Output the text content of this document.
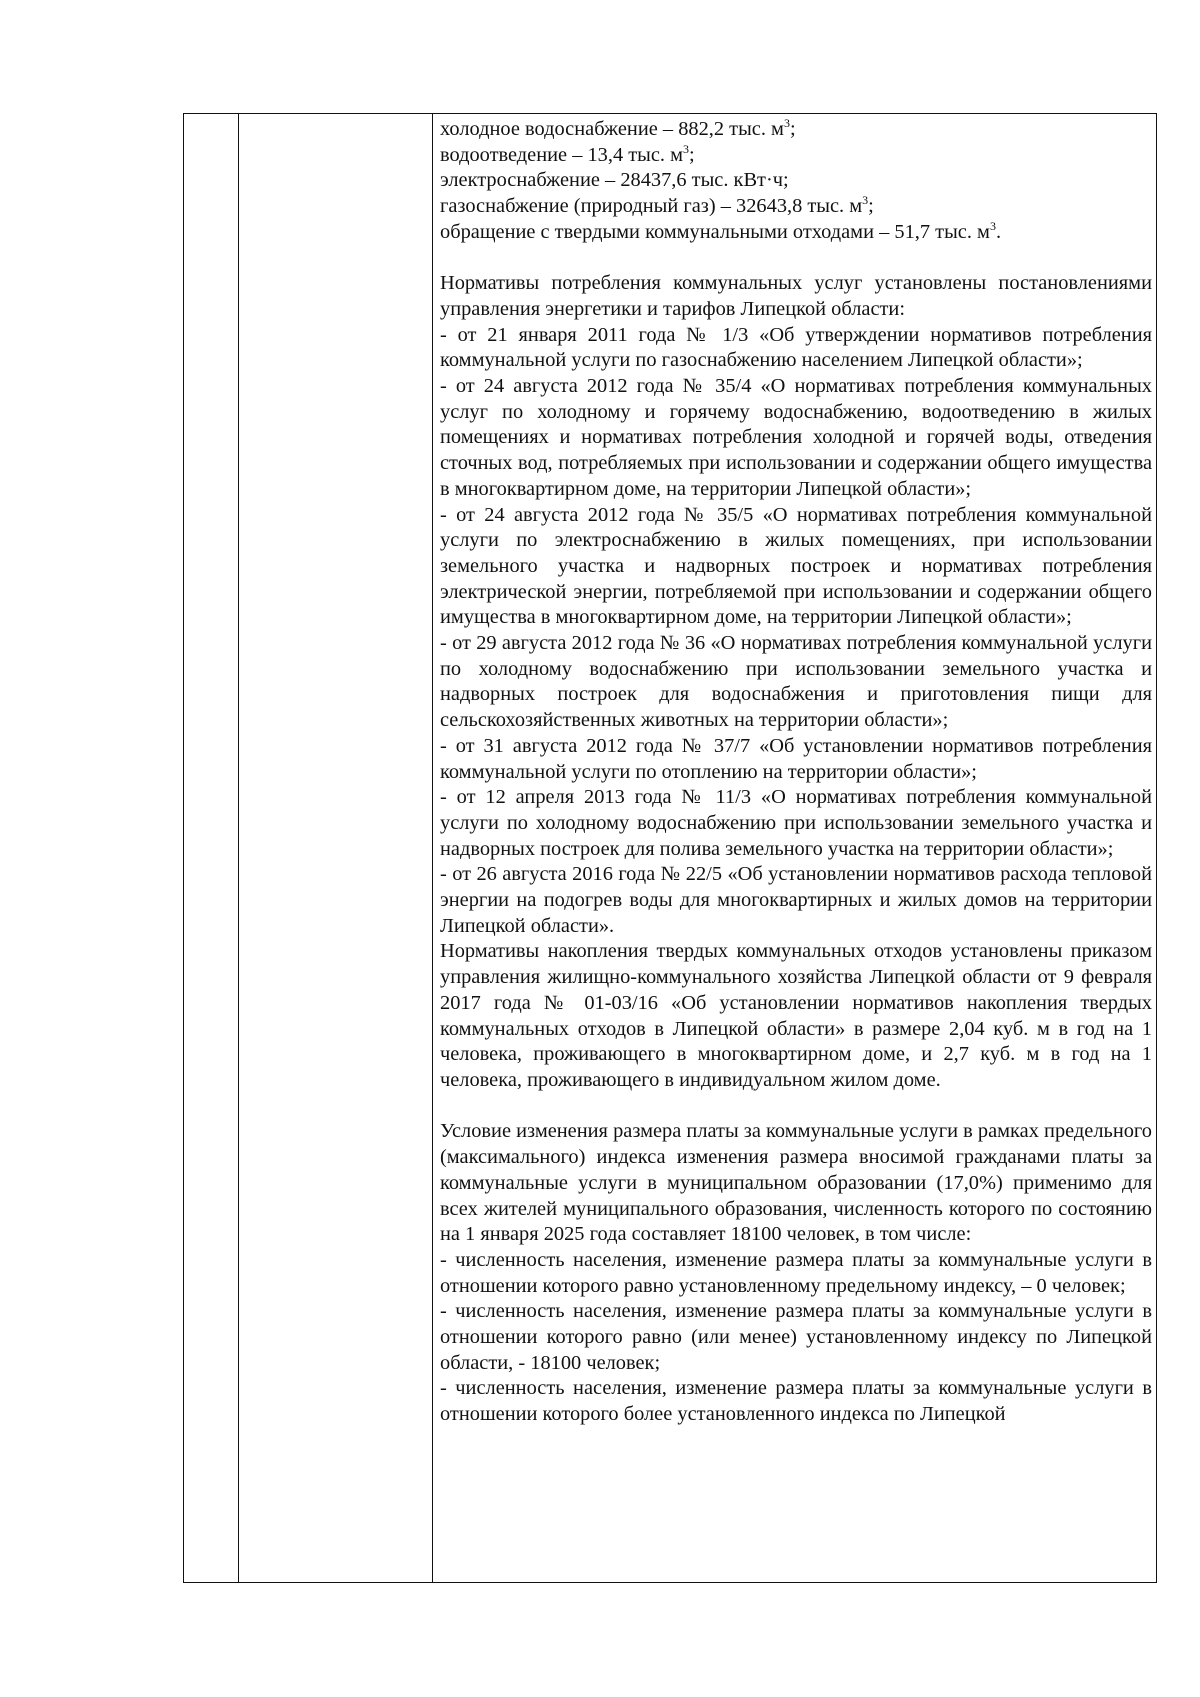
холодное водоснабжение – 882,2 тыс. $м^3$;
водоотведение – 13,4 тыс. $м^3$;
электроснабжение – 28437,6 тыс. кВт·ч;
газоснабжение (природный газ) – 32643,8 тыс. $м^3$;
обращение с твердыми коммунальными отходами – 51,7 тыс. $м^3$.

Нормативы потребления коммунальных услуг установлены постановлениями управления энергетики и тарифов Липецкой области:

- от 21 января 2011 года № 1/3 «Об утверждении нормативов потребления коммунальной услуги по газоснабжению населением Липецкой области»;

- от 24 августа 2012 года № 35/4 «О нормативах потребления коммунальных услуг по холодному и горячему водоснабжению, водоотведению в жилых помещениях и нормативах потребления холодной и горячей воды, отведения сточных вод, потребляемых при использовании и содержании общего имущества в многоквартирном доме, на территории Липецкой области»;

- от 24 августа 2012 года № 35/5 «О нормативах потребления коммунальной услуги по электроснабжению в жилых помещениях, при использовании земельного участка и надворных построек и нормативах потребления электрической энергии, потребляемой при использовании и содержании общего имущества в многоквартирном доме, на территории Липецкой области»;

- от 29 августа 2012 года № 36 «О нормативах потребления коммунальной услуги по холодному водоснабжению при использовании земельного участка и надворных построек для водоснабжения и приготовления пищи для сельскохозяйственных животных на территории области»;

- от 31 августа 2012 года № 37/7 «Об установлении нормативов потребления коммунальной услуги по отоплению на территории области»;

- от 12 апреля 2013 года № 11/3 «О нормативах потребления коммунальной услуги по холодному водоснабжению при использовании земельного участка и надворных построек для полива земельного участка на территории области»;

- от 26 августа 2016 года № 22/5 «Об установлении нормативов расхода тепловой энергии на подогрев воды для многоквартирных и жилых домов на территории Липецкой области».

Нормативы накопления твердых коммунальных отходов установлены приказом управления жилищно-коммунального хозяйства Липецкой области от 9 февраля 2017 года № 01-03/16 «Об установлении нормативов накопления твердых коммунальных отходов в Липецкой области» в размере 2,04 куб. м в год на 1 человека, проживающего в многоквартирном доме, и 2,7 куб. м в год на 1 человека, проживающего в индивидуальном жилом доме.

Условие изменения размера платы за коммунальные услуги в рамках предельного (максимального) индекса изменения размера вносимой гражданами платы за коммунальные услуги в муниципальном образовании (17,0%) применимо для всех жителей муниципального образования, численность которого по состоянию на 1 января 2025 года составляет 18100 человек, в том числе:

- численность населения, изменение размера платы за коммунальные услуги в отношении которого равно установленному предельному индексу, – 0 человек;

- численность населения, изменение размера платы за коммунальные услуги в отношении которого равно (или менее) установленному индексу по Липецкой области, - 18100 человек;

- численность населения, изменение размера платы за коммунальные услуги в отношении которого более установленного индекса по Липецкой
